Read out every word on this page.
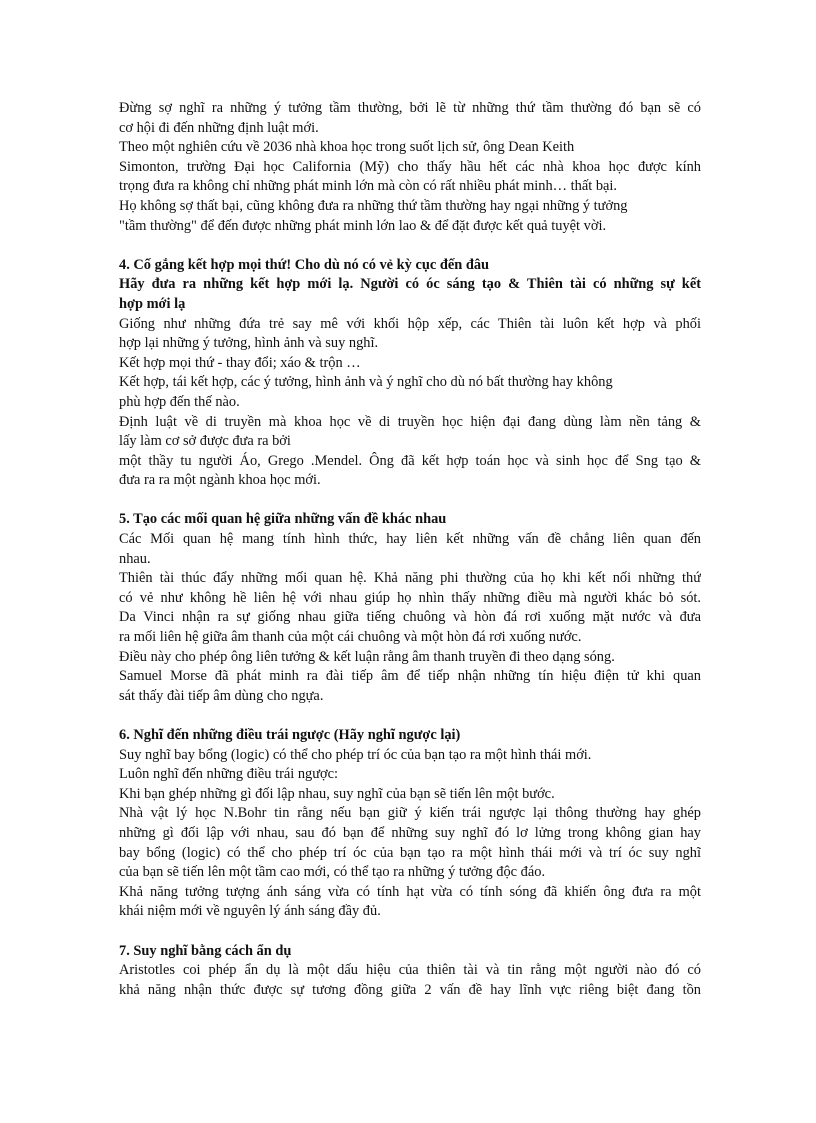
Đừng sợ nghĩ ra những ý tưởng tầm thường, bởi lẽ từ những thứ tầm thường đó bạn sẽ có
cơ hội đi đến những định luật mới.
Theo một nghiên cứu về 2036 nhà khoa học trong suốt lịch sử, ông Dean Keith
Simonton, trường Đại học California (Mỹ) cho thấy hầu hết các nhà khoa học được kính
trọng đưa ra không chỉ những phát minh lớn mà còn có rất nhiều phát minh… thất bại.
Họ không sợ thất bại, cũng không đưa ra những thứ tầm thường hay ngại những ý tưởng
"tầm thường" để đến được những phát minh lớn lao & để đặt được kết quả tuyệt vời.
4. Cố gắng kết hợp mọi thứ! Cho dù nó có vẻ kỳ cục đến đâu
Hãy đưa ra những kết hợp mới lạ. Người có óc sáng tạo & Thiên tài có những sự kết
hợp mới lạ
Giống như những đứa trẻ say mê với khối hộp xếp, các Thiên tài luôn kết hợp và phối
hợp lại những ý tưởng, hình ảnh và suy nghĩ.
Kết hợp mọi thứ - thay đổi; xáo & trộn …
Kết hợp, tái kết hợp, các ý tưởng, hình ảnh và ý nghĩ cho dù nó bất thường hay không
phù hợp đến thế nào.
Định luật về di truyền mà khoa học về di truyền học hiện đại đang dùng làm nền tảng &
lấy làm cơ sở được đưa ra bởi
một thầy tu người Áo, Grego .Mendel. Ông đã kết hợp toán học và sinh học để Sng tạo &
đưa ra ra một ngành khoa học mới.
5. Tạo các mối quan hệ giữa những vấn đề khác nhau
Các Mối quan hệ mang tính hình thức, hay liên kết những vấn đề chẳng liên quan đến
nhau.
Thiên tài thúc đẩy những mối quan hệ. Khả năng phi thường của họ khi kết nối những thứ
có vẻ như không hề liên hệ với nhau giúp họ nhìn thấy những điều mà người khác bỏ sót.
Da Vinci nhận ra sự giống nhau giữa tiếng chuông và hòn đá rơi xuống mặt nước và đưa
ra mối liên hệ giữa âm thanh của một cái chuông và một hòn đá rơi xuống nước.
Điều này cho phép ông liên tưởng & kết luận rằng âm thanh truyền đi theo dạng sóng.
Samuel Morse đã phát minh ra đài tiếp âm để tiếp nhận những tín hiệu điện tử khi quan
sát thấy đài tiếp âm dùng cho ngựa.
6. Nghĩ đến những điều trái ngược (Hãy nghĩ ngược lại)
Suy nghĩ bay bổng (logic) có thể cho phép trí óc của bạn tạo ra một hình thái mới.
Luôn nghĩ đến những điều trái ngược:
Khi bạn ghép những gì đối lập nhau, suy nghĩ của bạn sẽ tiến lên một bước.
Nhà vật lý học N.Bohr tin rằng nếu bạn giữ ý kiến trái ngược lại thông thường hay ghép
những gì đối lập với nhau, sau đó bạn để những suy nghĩ đó lơ lửng trong không gian hay
bay bổng (logic) có thể cho phép trí óc của bạn tạo ra một hình thái mới và trí óc suy nghĩ
của bạn sẽ tiến lên một tầm cao mới, có thể tạo ra những ý tưởng độc đáo.
Khả năng tưởng tượng ánh sáng vừa có tính hạt vừa có tính sóng đã khiến ông đưa ra một
khái niệm mới về nguyên lý ánh sáng đầy đủ.
7. Suy nghĩ bằng cách ẩn dụ
Aristotles coi phép ẩn dụ là một dấu hiệu của thiên tài và tin rằng một người nào đó có
khả năng nhận thức được sự tương đồng giữa 2 vấn đề hay lĩnh vực riêng biệt đang tồn
